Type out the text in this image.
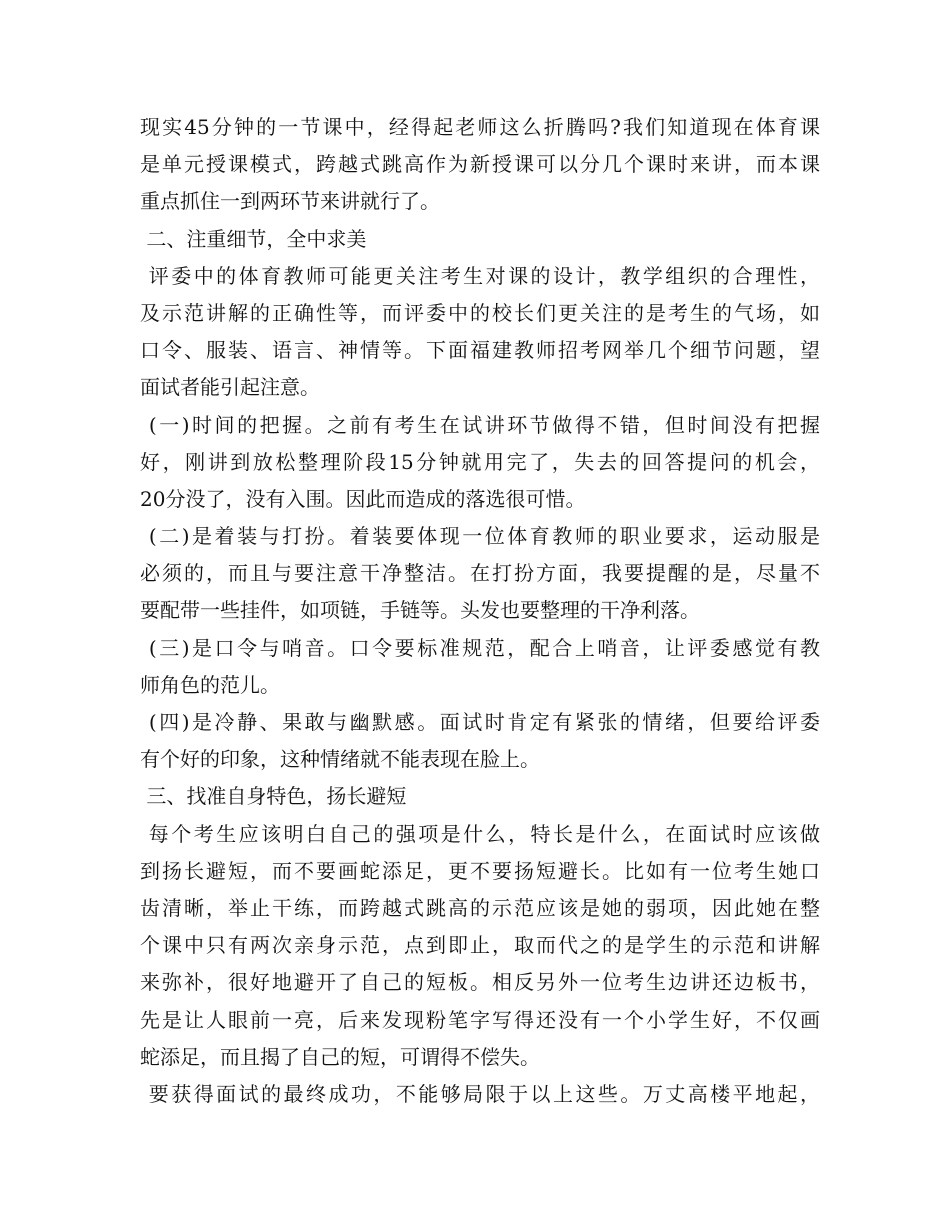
现实45分钟的一节课中，经得起老师这么折腾吗?我们知道现在体育课
是单元授课模式，跨越式跳高作为新授课可以分几个课时来讲，而本课
重点抓住一到两环节来讲就行了。
二、注重细节，全中求美
评委中的体育教师可能更关注考生对课的设计，教学组织的合理性，
及示范讲解的正确性等，而评委中的校长们更关注的是考生的气场，如
口令、服装、语言、神情等。下面福建教师招考网举几个细节问题，望
面试者能引起注意。
(一)时间的把握。之前有考生在试讲环节做得不错，但时间没有把握
好，刚讲到放松整理阶段15分钟就用完了，失去的回答提问的机会，
20分没了，没有入围。因此而造成的落选很可惜。
(二)是着装与打扮。着装要体现一位体育教师的职业要求，运动服是
必须的，而且与要注意干净整洁。在打扮方面，我要提醒的是，尽量不
要配带一些挂件，如项链，手链等。头发也要整理的干净利落。
(三)是口令与哨音。口令要标准规范，配合上哨音，让评委感觉有教
师角色的范儿。
(四)是冷静、果敢与幽默感。面试时肯定有紧张的情绪，但要给评委
有个好的印象，这种情绪就不能表现在脸上。
三、找准自身特色，扬长避短
每个考生应该明白自己的强项是什么，特长是什么，在面试时应该做
到扬长避短，而不要画蛇添足，更不要扬短避长。比如有一位考生她口
齿清晰，举止干练，而跨越式跳高的示范应该是她的弱项，因此她在整
个课中只有两次亲身示范，点到即止，取而代之的是学生的示范和讲解
来弥补，很好地避开了自己的短板。相反另外一位考生边讲还边板书，
先是让人眼前一亮，后来发现粉笔字写得还没有一个小学生好，不仅画
蛇添足，而且揭了自己的短，可谓得不偿失。
要获得面试的最终成功，不能够局限于以上这些。万丈高楼平地起，
